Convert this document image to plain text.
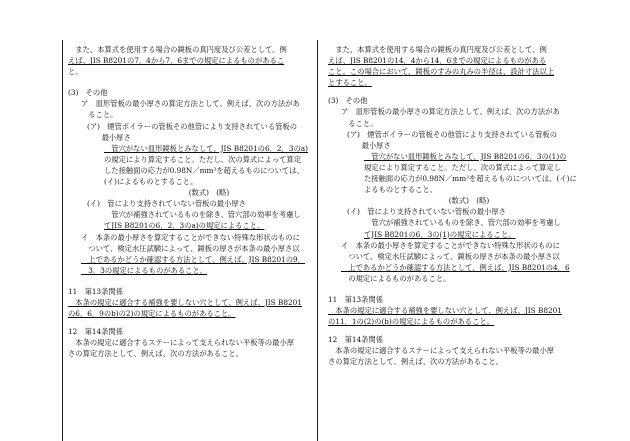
　また、本算式を使用する場合の鏡板の真円度及び公差として、例

えば、JIS B8201の7．4から7．6までの規定によるものがあるこ

と。

(3)　その他

ア　皿形管板の最小厚さの算定方法として、例えば、次の方法があ

　ること。

(ア)　煙管ボイラーの管板その他管により支持されている管板の

　　最小厚さ

　管穴がない皿形鏡板とみなして、JIS B8201の6．2．3のa)

の規定により算定すること。ただし、次の算式によって算定

した接触面の応力が0.98N／mm²を超えるものについては、

(イ)によるものとすること。

(数式)　(略)

(イ)　管により支持されていない管板の最小厚さ

　管穴が補強されているものを除き、管穴部の効率を考慮し

てJIS B8201の6．2．3のa)の規定によること。

イ　本条の最小厚さを算定することができない特殊な形状のものに

　ついて、検定水圧試験によって、鏡板の厚さが本条の最小厚さ以

　上であるかどうか確認する方法として、例えば、JIS B8201の9．

　3．3の規定によるものがあること。

11　第13条関係

　本条の規定に適合する補強を要しない穴として、例えば、JIS B8201

の6．6．9のb)の2)の規定によるものがあること。

12　第14条関係

　本条の規定に適合するステーによって支えられない平板等の最小厚

さの算定方法として、例えば、次の方法があること。

　また、本算式を使用する場合の鏡板の真円度及び公差として、例

えば、JIS B8201の14．4から14．6までの規定によるものがある

こと。この場合において、鏡板のすみの丸みの半径は、設計寸法以上

とすること。

(3)　その他

ア　皿形管板の最小厚さの算定方法として、例えば、次の方法があ

　ること。

(ア)　煙管ボイラーの管板その他管により支持されている管板の

　　最小厚さ

　管穴がない皿形鏡板とみなして、JIS B8201の6．3の(1)の

規定により算定すること。ただし、次の算式によって算定し

た接触面の応力が0.98N／mm²を超えるものについては、(イ)に

よるものとすること。

(数式)　(略)

(イ)　管により支持されていない管板の最小厚さ

　管穴が補強されているものを除き、管穴部の効率を考慮し

てJIS B8201の6．3の(1)の規定によること。

イ　本条の最小厚さを算定することができない特殊な形状のものに

　ついて、検定水圧試験によって、鏡板の厚さが本条の最小厚さ以

　上であるかどうか確認する方法として、例えば、JIS B8201の4．6

　の規定によるものがあること。

11　第13条関係

　本条の規定に適合する補強を要しない穴として、例えば、JIS B8201

の11．1の(2)の(b)の規定によるものがあること。

12　第14条関係

　本条の規定に適合するステーによって支えられない平板等の最小厚

さの算定方法として、例えば、次の方法があること。
